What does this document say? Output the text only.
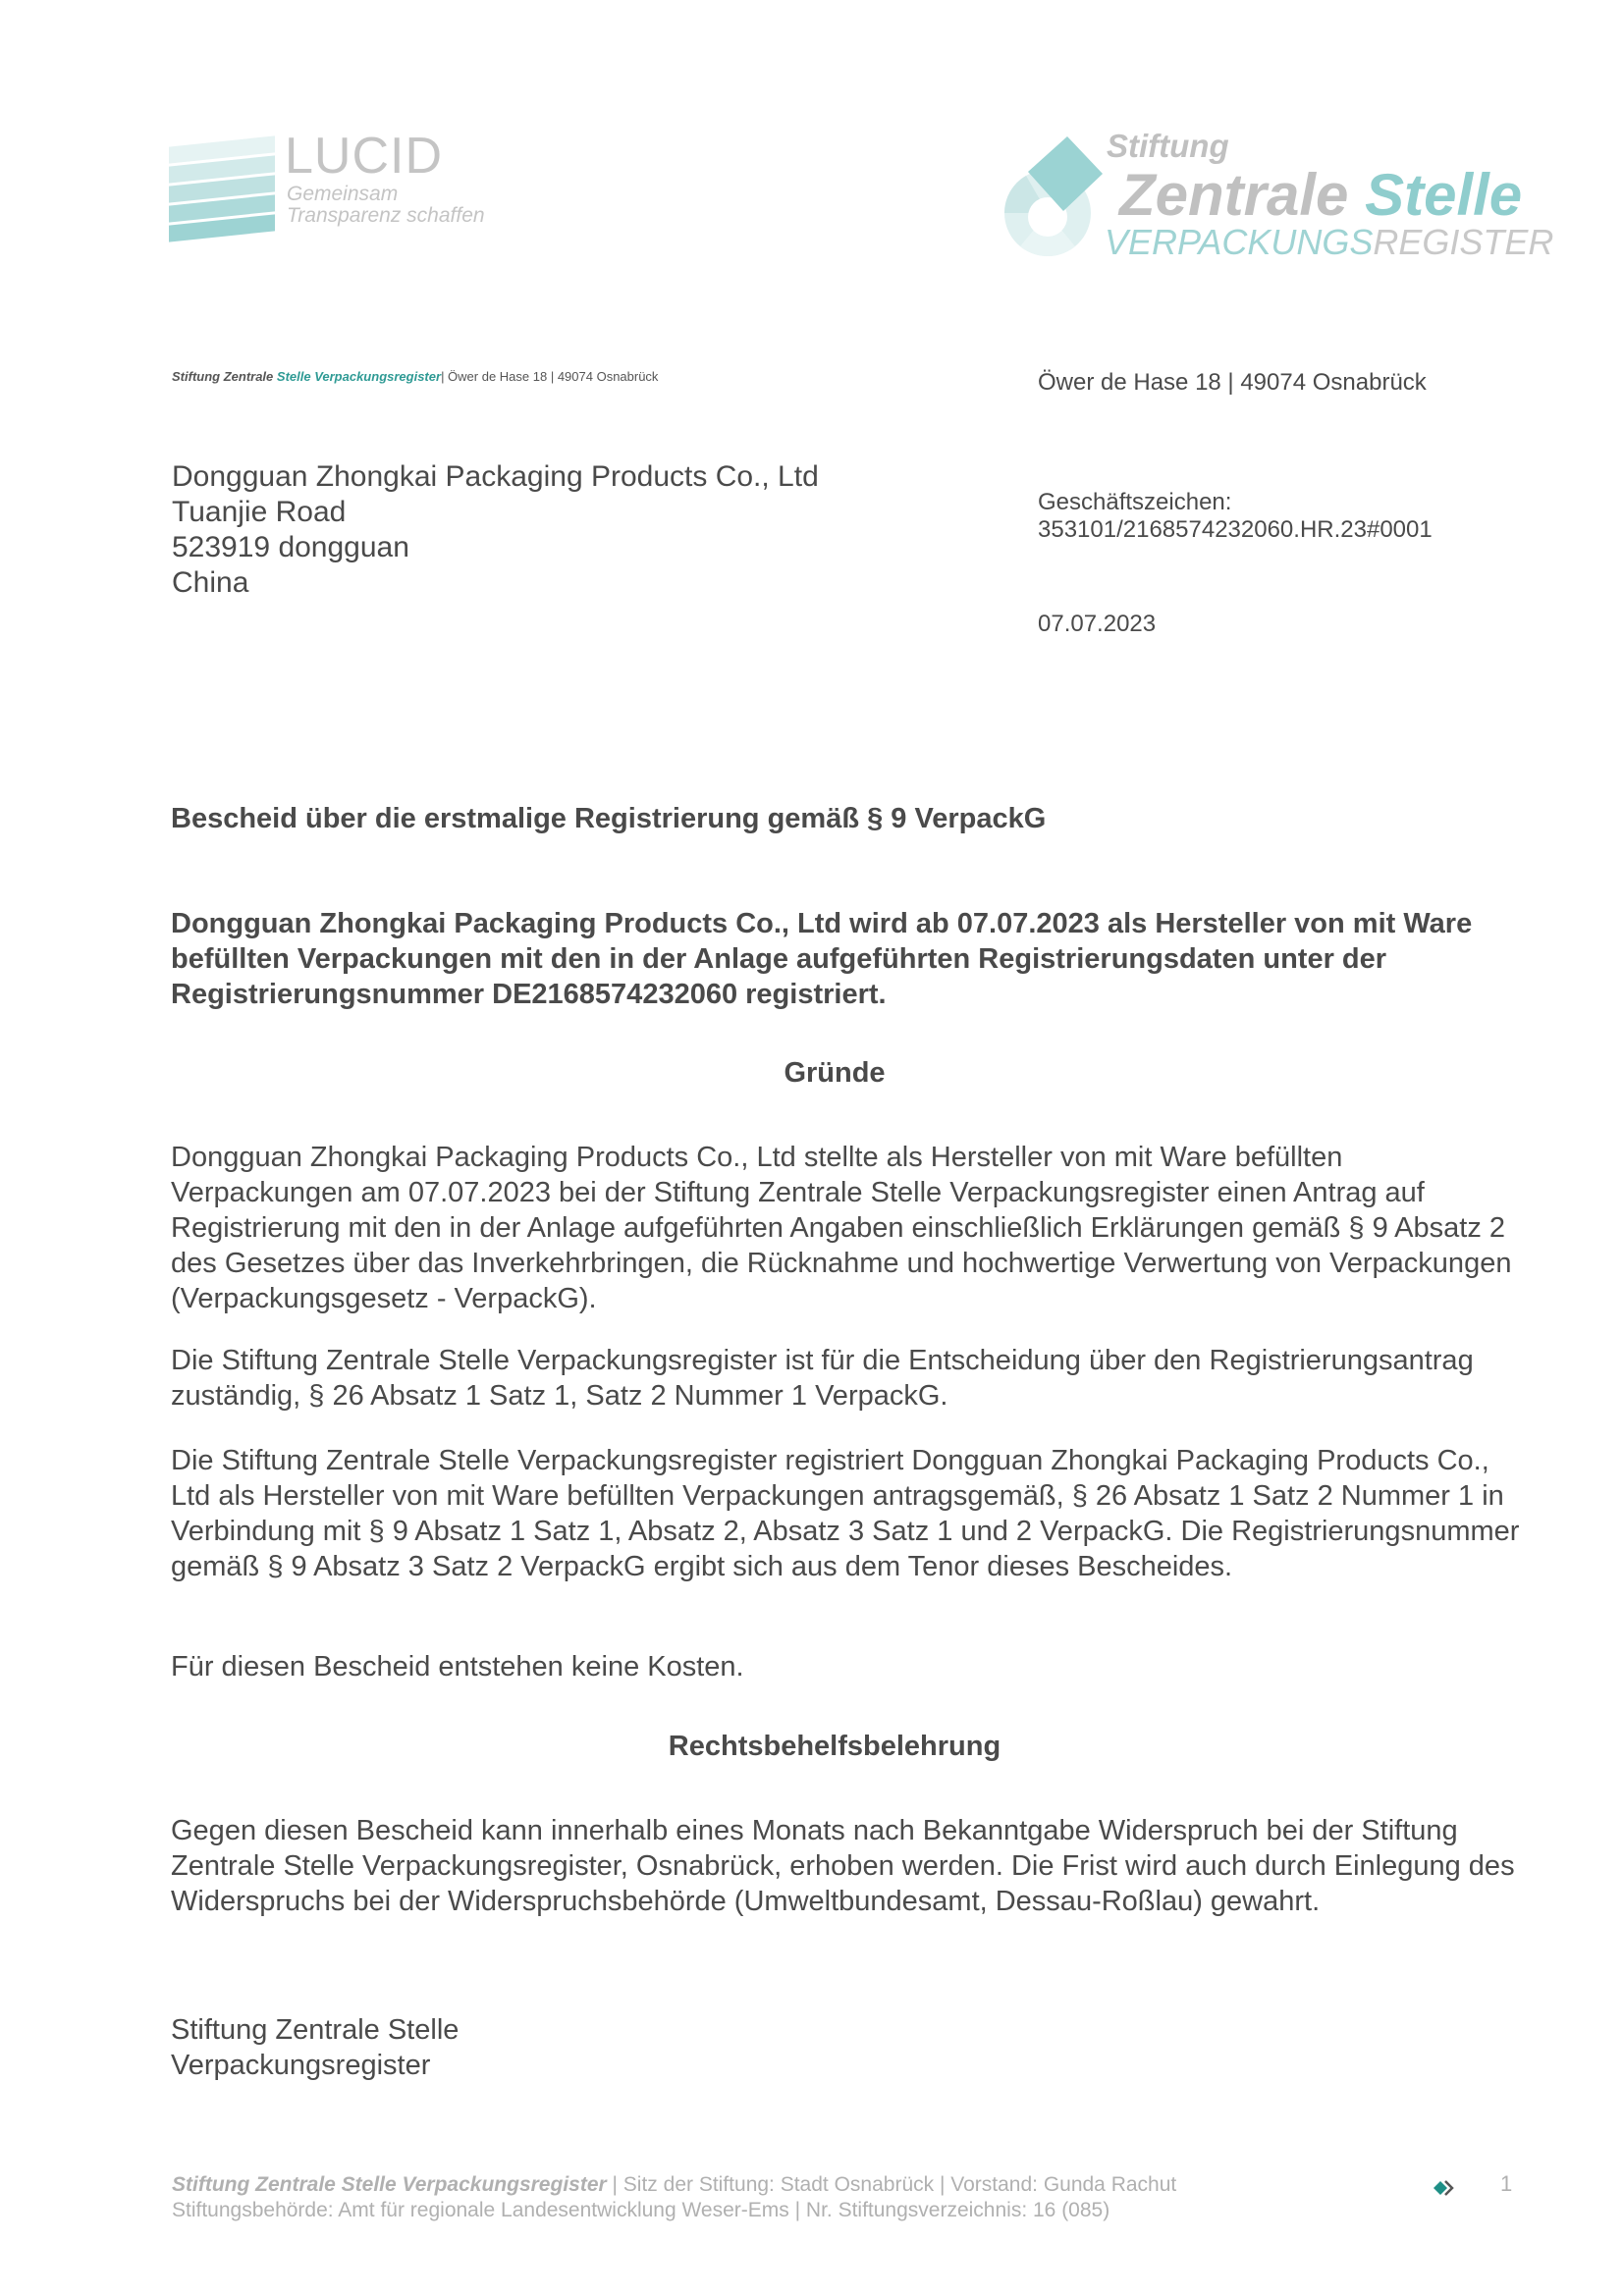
LUCID
Gemeinsam
Transparenz schaffen
Stiftung
Zentrale Stelle
VERPACKUNGSREGISTER
Stiftung Zentrale Stelle Verpackungsregister| Öwer de Hase 18 | 49074 Osnabrück
Dongguan Zhongkai Packaging Products Co., Ltd
Tuanjie Road
523919 dongguan
China
Öwer de Hase 18 | 49074 Osnabrück
Geschäftszeichen:
353101/2168574232060.HR.23#0001
07.07.2023
Bescheid über die erstmalige Registrierung gemäß § 9 VerpackG
Dongguan Zhongkai Packaging Products Co., Ltd wird ab 07.07.2023 als Hersteller von mit Ware befüllten Verpackungen mit den in der Anlage aufgeführten Registrierungsdaten unter der Registrierungsnummer DE2168574232060 registriert.
Gründe
Dongguan Zhongkai Packaging Products Co., Ltd stellte als Hersteller von mit Ware befüllten Verpackungen am 07.07.2023 bei der Stiftung Zentrale Stelle Verpackungsregister einen Antrag auf Registrierung mit den in der Anlage aufgeführten Angaben einschließlich Erklärungen gemäß § 9 Absatz 2 des Gesetzes über das Inverkehrbringen, die Rücknahme und hochwertige Verwertung von Verpackungen (Verpackungsgesetz - VerpackG).
Die Stiftung Zentrale Stelle Verpackungsregister ist für die Entscheidung über den Registrierungsantrag zuständig, § 26 Absatz 1 Satz 1, Satz 2 Nummer 1 VerpackG.
Die Stiftung Zentrale Stelle Verpackungsregister registriert Dongguan Zhongkai Packaging Products Co., Ltd als Hersteller von mit Ware befüllten Verpackungen antragsgemäß, § 26 Absatz 1 Satz 2 Nummer 1 in Verbindung mit § 9 Absatz 1 Satz 1, Absatz 2, Absatz 3 Satz 1 und 2 VerpackG. Die Registrierungsnummer gemäß § 9 Absatz 3 Satz 2 VerpackG ergibt sich aus dem Tenor dieses Bescheides.
Für diesen Bescheid entstehen keine Kosten.
Rechtsbehelfsbelehrung
Gegen diesen Bescheid kann innerhalb eines Monats nach Bekanntgabe Widerspruch bei der Stiftung Zentrale Stelle Verpackungsregister, Osnabrück, erhoben werden. Die Frist wird auch durch Einlegung des Widerspruchs bei der Widerspruchsbehörde (Umweltbundesamt, Dessau-Roßlau) gewahrt.
Stiftung Zentrale Stelle
Verpackungsregister
Stiftung Zentrale Stelle Verpackungsregister | Sitz der Stiftung: Stadt Osnabrück | Vorstand: Gunda Rachut
Stiftungsbehörde: Amt für regionale Landesentwicklung Weser-Ems | Nr. Stiftungsverzeichnis: 16 (085)
1
